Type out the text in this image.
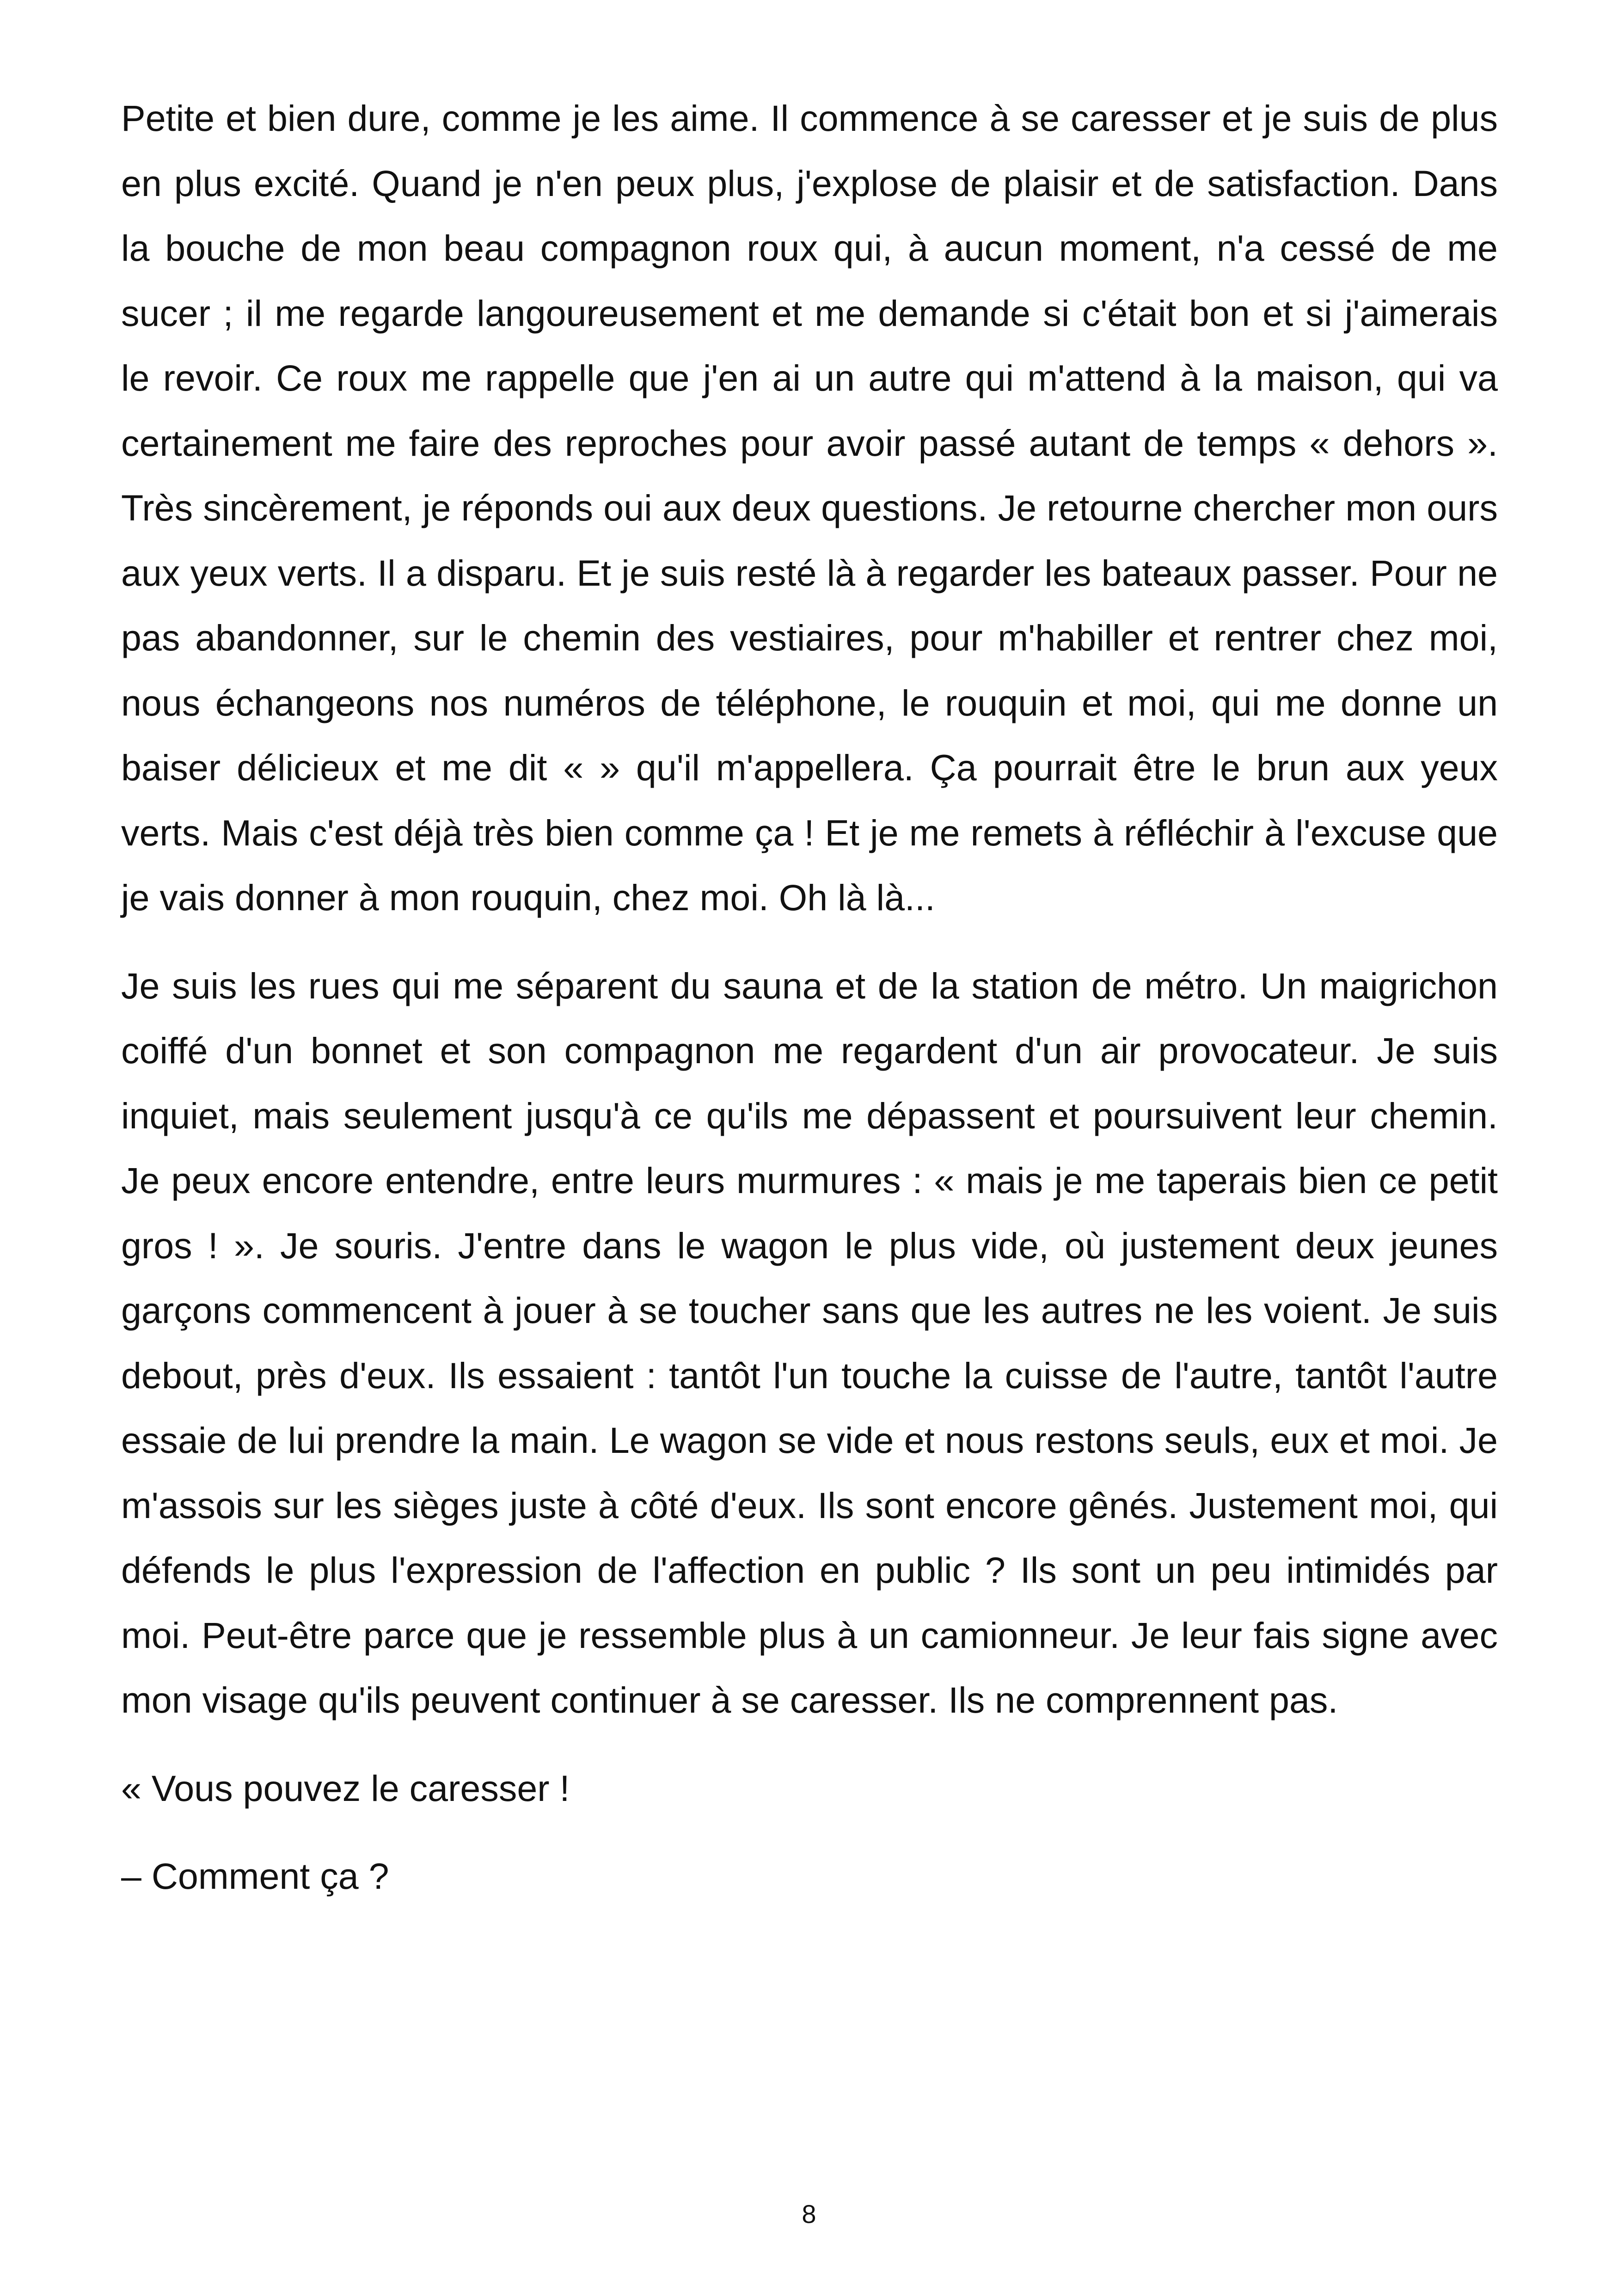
Petite et bien dure, comme je les aime. Il commence à se caresser et je suis de plus en plus excité. Quand je n'en peux plus, j'explose de plaisir et de satisfaction. Dans la bouche de mon beau compagnon roux qui, à aucun moment, n'a cessé de me sucer ; il me regarde langoureusement et me demande si c'était bon et si j'aimerais le revoir. Ce roux me rappelle que j'en ai un autre qui m'attend à la maison, qui va certainement me faire des reproches pour avoir passé autant de temps « dehors ». Très sincèrement, je réponds oui aux deux questions. Je retourne chercher mon ours aux yeux verts. Il a disparu. Et je suis resté là à regarder les bateaux passer. Pour ne pas abandonner, sur le chemin des vestiaires, pour m'habiller et rentrer chez moi, nous échangeons nos numéros de téléphone, le rouquin et moi, qui me donne un baiser délicieux et me dit « » qu'il m'appellera. Ça pourrait être le brun aux yeux verts. Mais c'est déjà très bien comme ça ! Et je me remets à réfléchir à l'excuse que je vais donner à mon rouquin, chez moi. Oh là là...

Je suis les rues qui me séparent du sauna et de la station de métro. Un maigrichon coiffé d'un bonnet et son compagnon me regardent d'un air provocateur. Je suis inquiet, mais seulement jusqu'à ce qu'ils me dépassent et poursuivent leur chemin. Je peux encore entendre, entre leurs murmures : « mais je me taperais bien ce petit gros ! ». Je souris. J'entre dans le wagon le plus vide, où justement deux jeunes garçons commencent à jouer à se toucher sans que les autres ne les voient. Je suis debout, près d'eux. Ils essaient : tantôt l'un touche la cuisse de l'autre, tantôt l'autre essaie de lui prendre la main. Le wagon se vide et nous restons seuls, eux et moi. Je m'assois sur les sièges juste à côté d'eux. Ils sont encore gênés. Justement moi, qui défends le plus l'expression de l'affection en public ? Ils sont un peu intimidés par moi. Peut-être parce que je ressemble plus à un camionneur. Je leur fais signe avec mon visage qu'ils peuvent continuer à se caresser. Ils ne comprennent pas.

« Vous pouvez le caresser !

– Comment ça ?

8
